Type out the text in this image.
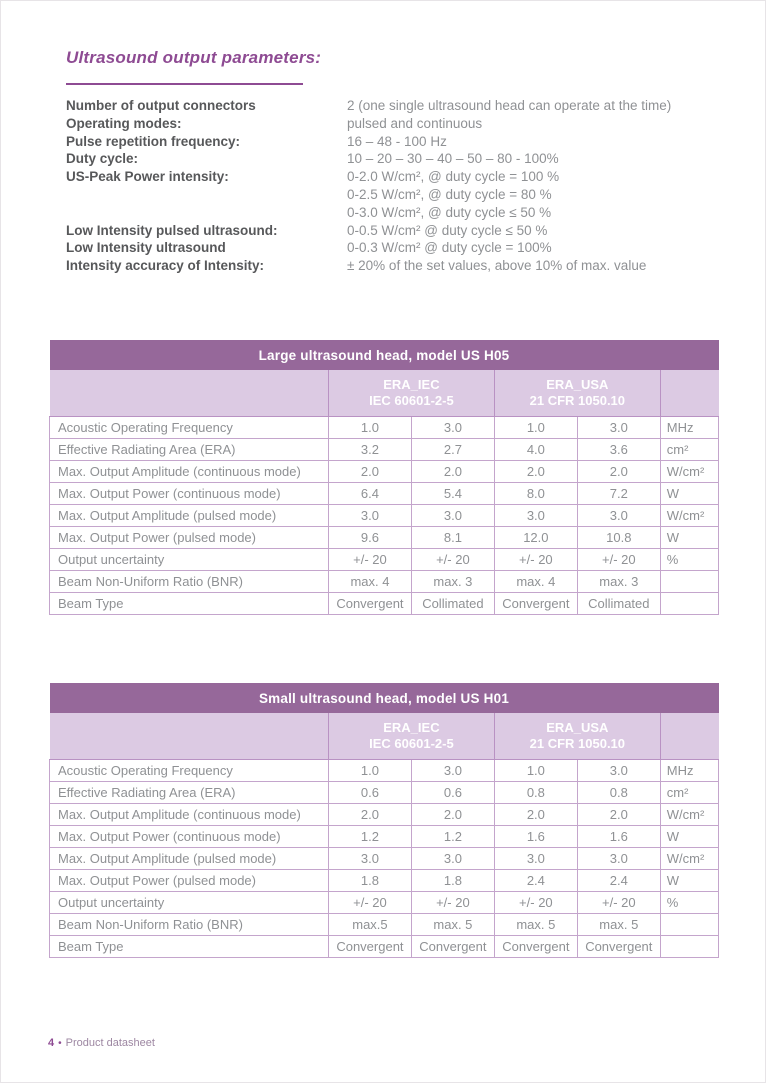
Ultrasound output parameters:
Number of output connectors	2 (one single ultrasound head can operate at the time)
Operating modes:	pulsed and continuous
Pulse repetition frequency:	16 – 48 - 100 Hz
Duty cycle:	10 – 20 – 30 – 40 – 50 – 80 - 100%
US-Peak Power intensity:	0-2.0 W/cm², @ duty cycle = 100 %
0-2.5 W/cm², @ duty cycle = 80 %
0-3.0 W/cm², @ duty cycle ≤ 50 %
Low Intensity pulsed ultrasound:	0-0.5 W/cm² @ duty cycle ≤ 50 %
Low Intensity ultrasound	0-0.3 W/cm² @ duty cycle = 100%
Intensity accuracy of Intensity:	± 20% of the set values, above 10% of max. value
Large ultrasound head, model US H05					

ERA_IEC
IEC 60601-2-5

ERA_USA
21 CFR 1050.10

Acoustic Operating Frequency	1.0	3.0	1.0	3.0	MHz
Effective Radiating Area (ERA)	3.2	2.7	4.0	3.6	cm²
Max. Output Amplitude (continuous mode)	2.0	2.0	2.0	2.0	W/cm²
Max. Output Power (continuous mode)	6.4	5.4	8.0	7.2	W
Max. Output Amplitude (pulsed mode)	3.0	3.0	3.0	3.0	W/cm²
Max. Output Power (pulsed mode)	9.6	8.1	12.0	10.8	W
Output uncertainty	+/- 20	+/- 20	+/- 20	+/- 20	%
Beam Non-Uniform Ratio (BNR)	max. 4	max. 3	max. 4	max. 3	
Beam Type	Convergent	Collimated	Convergent	Collimated	
Small ultrasound head, model US H01					

ERA_IEC
IEC 60601-2-5

ERA_USA
21 CFR 1050.10

Acoustic Operating Frequency	1.0	3.0	1.0	3.0	MHz
Effective Radiating Area (ERA)	0.6	0.6	0.8	0.8	cm²
Max. Output Amplitude (continuous mode)	2.0	2.0	2.0	2.0	W/cm²
Max. Output Power (continuous mode)	1.2	1.2	1.6	1.6	W
Max. Output Amplitude (pulsed mode)	3.0	3.0	3.0	3.0	W/cm²
Max. Output Power (pulsed mode)	1.8	1.8	2.4	2.4	W
Output uncertainty	+/- 20	+/- 20	+/- 20	+/- 20	%
Beam Non-Uniform Ratio (BNR)	max.5	max. 5	max. 5	max. 5	
Beam Type	Convergent	Convergent	Convergent	Convergent	
4 • Product datasheet
